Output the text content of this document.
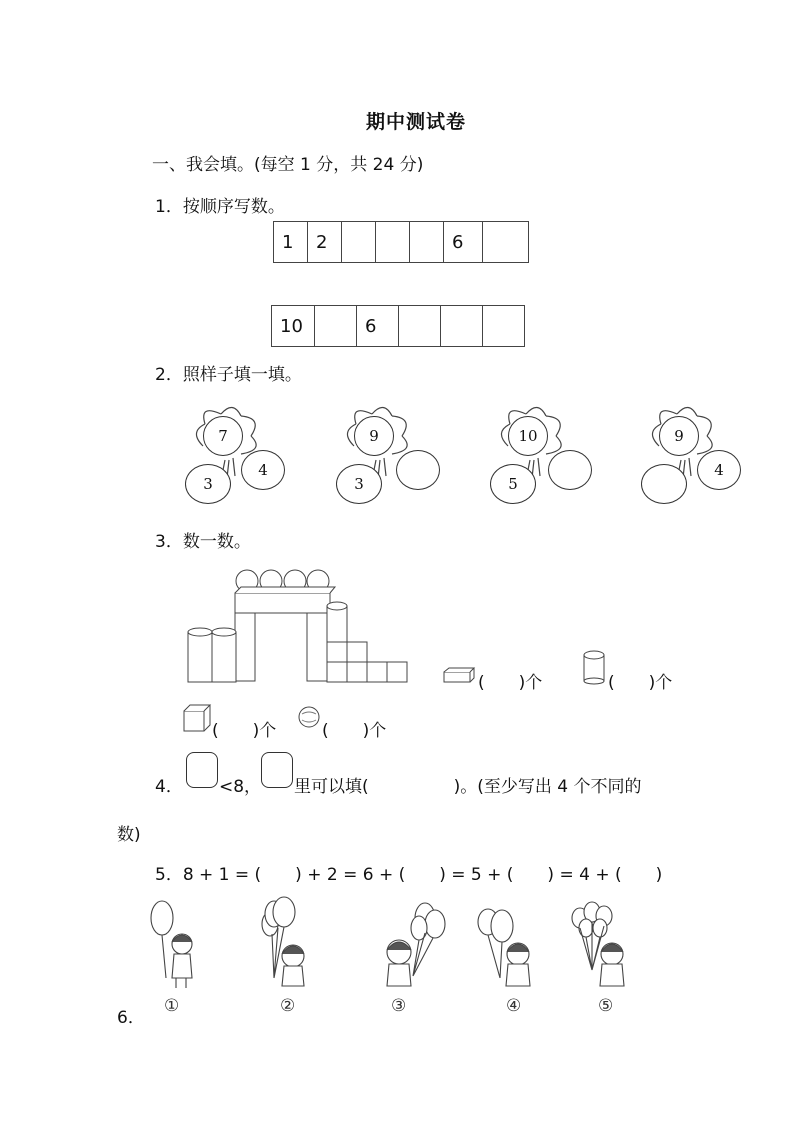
期中测试卷
一、我会填。(每空 1 分，共 24 分)
1．按顺序写数。
1	2				6	
10		6			
2．照样子填一填。
7
3
4
9
3
10
5
9
4
3．数一数。
(　　)个	(　　)个
(　　)个	(　　)个
4． <8， 里可以填(　　　　　)。(至少写出 4 个不同的
数)
5．8 + 1 = (　　) + 2 = 6 + (　　) = 5 + (　　) = 4 + (　　)
6．
①	②	③	④	⑤
